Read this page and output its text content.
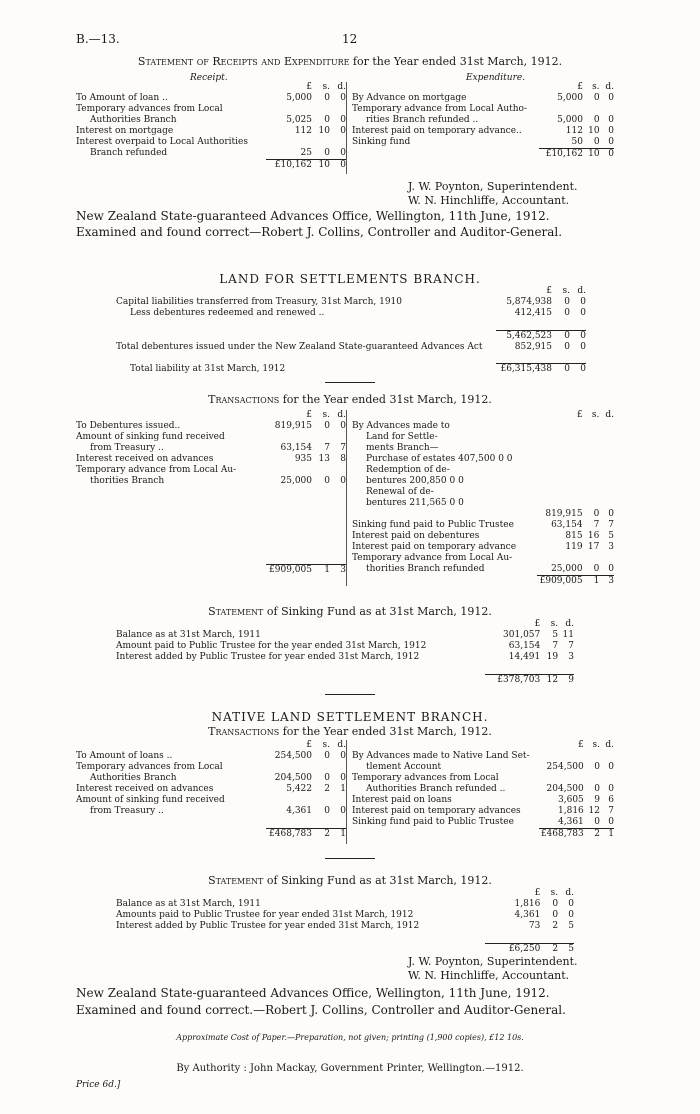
B.—13.	12
Statement of Receipts and Expenditure for the Year ended 31st March, 1912.
Receipt.	Expenditure.
	£	s.	d.
To Amount of loan ..	5,000	0	0
Temporary advances from Local			
Authorities Branch	5,025	0	0
Interest on mortgage	112	10	0
Interest overpaid to Local Authorities			
Branch refunded	25	0	0
	£10,162	10	0
	£	s.	d.
By Advance on mortgage	5,000	0	0
Temporary advance from Local Autho-			
rities Branch refunded ..	5,000	0	0
Interest paid on temporary advance..	112	10	0
Sinking fund	50	0	0
	£10,162	10	0
J. W. Poynton, Superintendent.
W. N. Hinchliffe, Accountant.
New Zealand State-guaranteed Advances Office, Wellington, 11th June, 1912.
Examined and found correct—Robert J. Collins, Controller and Auditor-General.
LAND FOR SETTLEMENTS BRANCH.
	£	s.	d.
Capital liabilities transferred from Treasury, 31st March, 1910	5,874,938	0	0
Less debentures redeemed and renewed ..	412,415	0	0

	5,462,523	0	0
Total debentures issued under the New Zealand State-guaranteed Advances Act	852,915	0	0

Total liability at 31st March, 1912	£6,315,438	0	0
Transactions for the Year ended 31st March, 1912.
	£	s.	d.
To Debentures issued..	819,915	0	0
Amount of sinking fund received			
from Treasury ..	63,154	7	7
Interest received on advances	935	13	8
Temporary advance from Local Au-			
thorities Branch	25,000	0	0

	£909,005	1	3
	£	s.	d.
By Advances made to			
Land for Settle-			
ments Branch—			
Purchase of estates 407,500 0 0			
Redemption of de-			
bentures 200,850 0 0			
Renewal of de-			
bentures 211,565 0 0			
	819,915	0	0
Sinking fund paid to Public Trustee	63,154	7	7
Interest paid on debentures	815	16	5
Interest paid on temporary advance	119	17	3
Temporary advance from Local Au-			
thorities Branch refunded	25,000	0	0
	£909,005	1	3
Statement of Sinking Fund as at 31st March, 1912.
	£	s.	d.
Balance as at 31st March, 1911	301,057	5	11
Amount paid to Public Trustee for the year ended 31st March, 1912	63,154	7	7
Interest added by Public Trustee for year ended 31st March, 1912	14,491	19	3

	£378,703	12	9
NATIVE LAND SETTLEMENT BRANCH.
Transactions for the Year ended 31st March, 1912.
	£	s.	d.
To Amount of loans ..	254,500	0	0
Temporary advances from Local			
Authorities Branch	204,500	0	0
Interest received on advances	5,422	2	1
Amount of sinking fund received			
from Treasury ..	4,361	0	0

	£468,783	2	1
	£	s.	d.
By Advances made to Native Land Set-			
tlement Account	254,500	0	0
Temporary advances from Local			
Authorities Branch refunded ..	204,500	0	0
Interest paid on loans	3,605	9	6
Interest paid on temporary advances	1,816	12	7
Sinking fund paid to Public Trustee	4,361	0	0
	£468,783	2	1
Statement of Sinking Fund as at 31st March, 1912.
	£	s.	d.
Balance as at 31st March, 1911	1,816	0	0
Amounts paid to Public Trustee for year ended 31st March, 1912	4,361	0	0
Interest added by Public Trustee for year ended 31st March, 1912	73	2	5

	£6,250	2	5
J. W. Poynton, Superintendent.
W. N. Hinchliffe, Accountant.
New Zealand State-guaranteed Advances Office, Wellington, 11th June, 1912.
Examined and found correct.—Robert J. Collins, Controller and Auditor-General.
Approximate Cost of Paper.—Preparation, not given; printing (1,900 copies), £12 10s.
By Authority : John Mackay, Government Printer, Wellington.—1912.
Price 6d.]
